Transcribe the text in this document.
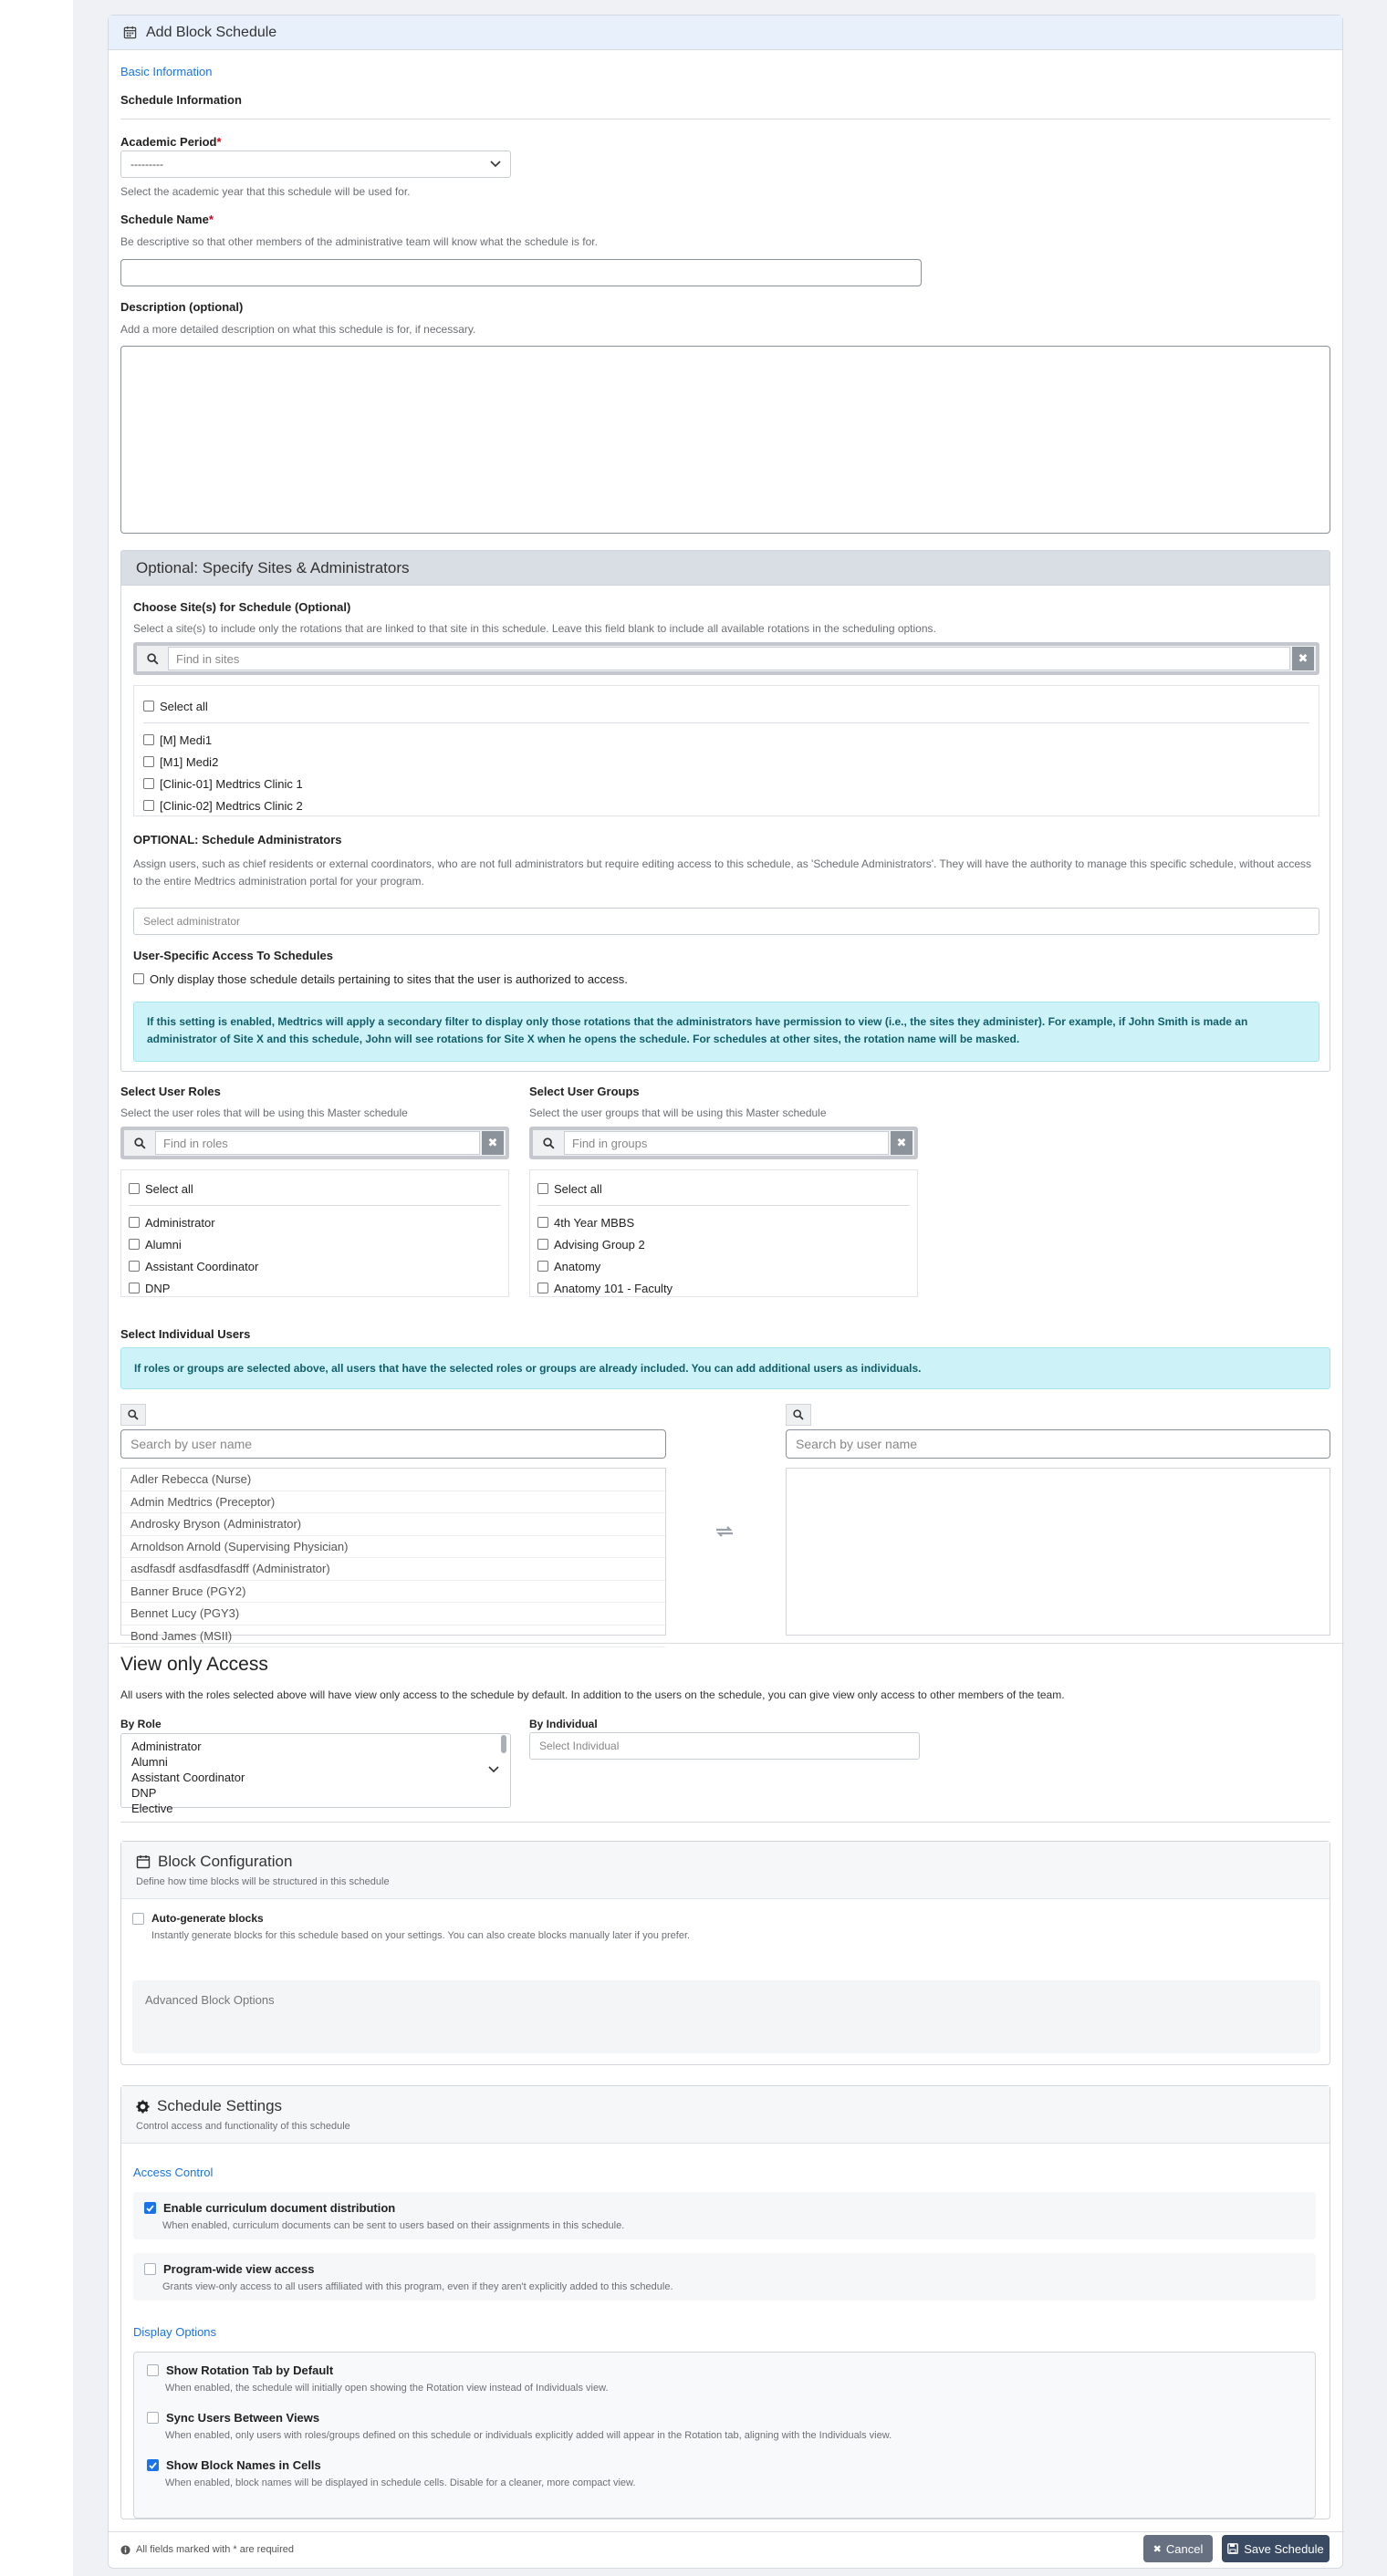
Add Block Schedule
Basic Information
Schedule Information
Academic Period*
---------
Select the academic year that this schedule will be used for.
Schedule Name*
Be descriptive so that other members of the administrative team will know what the schedule is for.
Description (optional)
Add a more detailed description on what this schedule is for, if necessary.
Optional: Specify Sites & Administrators
Choose Site(s) for Schedule (Optional)
Select a site(s) to include only the rotations that are linked to that site in this schedule. Leave this field blank to include all available rotations in the scheduling options.
Find in sites	✖
Select all
[M] Medi1
[M1] Medi2
[Clinic-01] Medtrics Clinic 1
[Clinic-02] Medtrics Clinic 2
OPTIONAL: Schedule Administrators
Assign users, such as chief residents or external coordinators, who are not full administrators but require editing access to this schedule, as 'Schedule Administrators'. They will have the authority to manage this specific schedule, without access to the entire Medtrics administration portal for your program.
Select administrator
User-Specific Access To Schedules
Only display those schedule details pertaining to sites that the user is authorized to access.
If this setting is enabled, Medtrics will apply a secondary filter to display only those rotations that the administrators have permission to view (i.e., the sites they administer). For example, if John Smith is made an administrator of Site X and this schedule, John will see rotations for Site X when he opens the schedule. For schedules at other sites, the rotation name will be masked.
Select User Roles
Select the user roles that will be using this Master schedule
Find in roles	✖
Select all
Administrator
Alumni
Assistant Coordinator
DNP
Select User Groups
Select the user groups that will be using this Master schedule
Find in groups	✖
Select all
4th Year MBBS
Advising Group 2
Anatomy
Anatomy 101 - Faculty
Select Individual Users
If roles or groups are selected above, all users that have the selected roles or groups are already included. You can add additional users as individuals.
Search by user name
Adler Rebecca (Nurse)
Admin Medtrics (Preceptor)
Androsky Bryson (Administrator)
Arnoldson Arnold (Supervising Physician)
asdfasdf asdfasdfasdff (Administrator)
Banner Bruce (PGY2)
Bennet Lucy (PGY3)
Bond James (MSII)
Search by user name
View only Access
All users with the roles selected above will have view only access to the schedule by default. In addition to the users on the schedule, you can give view only access to other members of the team.
By Role
Administrator
Alumni
Assistant Coordinator
DNP
Elective
By Individual
Select Individual
Block Configuration
Define how time blocks will be structured in this schedule
Auto-generate blocks
Instantly generate blocks for this schedule based on your settings. You can also create blocks manually later if you prefer.
Advanced Block Options
Schedule Settings
Control access and functionality of this schedule
Access Control
Enable curriculum document distribution
When enabled, curriculum documents can be sent to users based on their assignments in this schedule.
Program-wide view access
Grants view-only access to all users affiliated with this program, even if they aren't explicitly added to this schedule.
Display Options
Show Rotation Tab by Default
When enabled, the schedule will initially open showing the Rotation view instead of Individuals view.
Sync Users Between Views
When enabled, only users with roles/groups defined on this schedule or individuals explicitly added will appear in the Rotation tab, aligning with the Individuals view.
Show Block Names in Cells
When enabled, block names will be displayed in schedule cells. Disable for a cleaner, more compact view.
All fields marked with * are required	✖ Cancel	Save Schedule
